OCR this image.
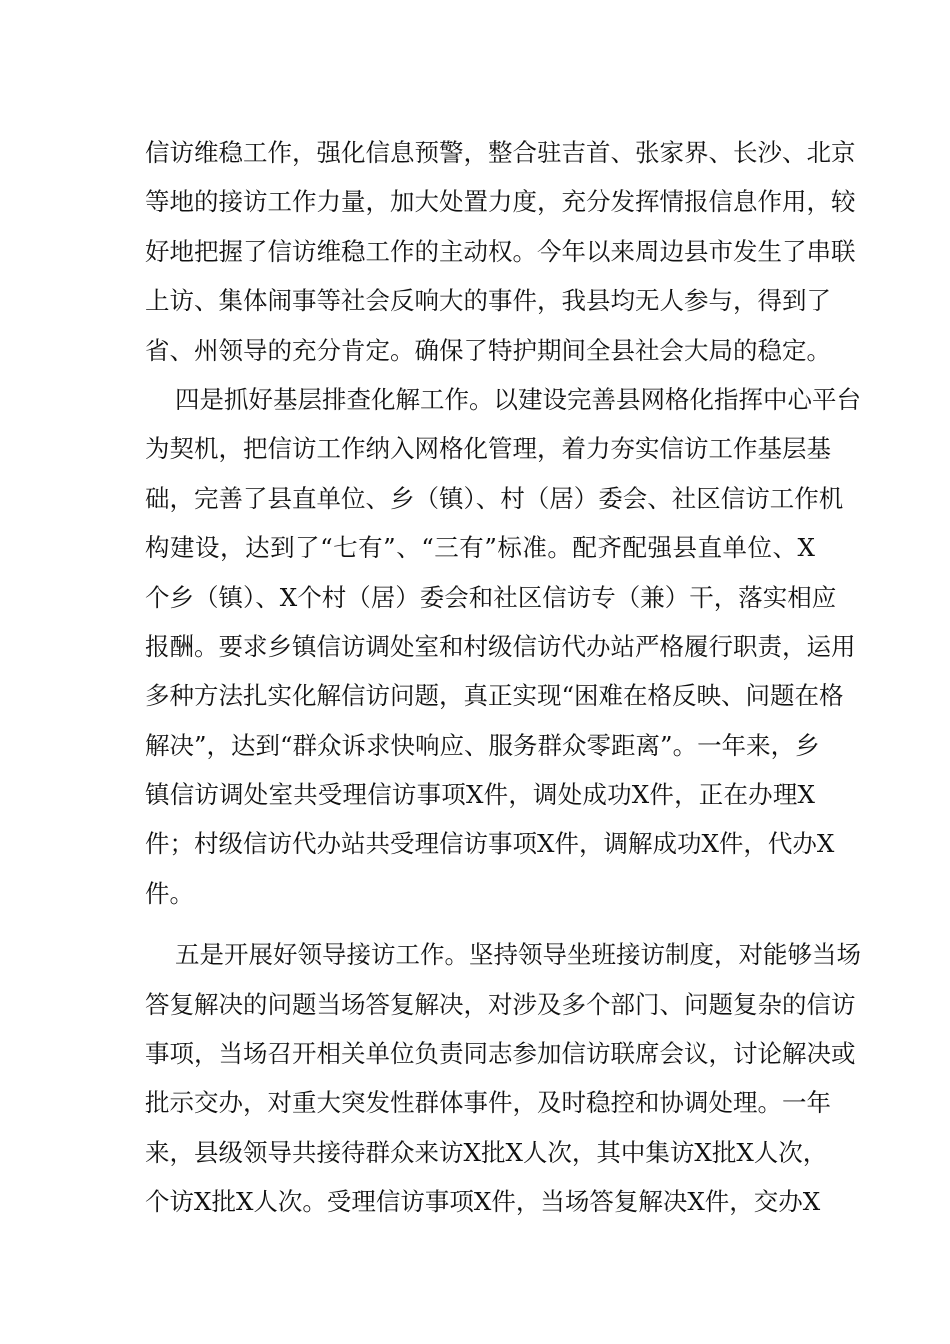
信访维稳工作，强化信息预警，整合驻吉首、张家界、长沙、北京
等地的接访工作力量，加大处置力度，充分发挥情报信息作用，较
好地把握了信访维稳工作的主动权。今年以来周边县市发生了串联
上访、集体闹事等社会反响大的事件，我县均无人参与，得到了
省、州领导的充分肯定。确保了特护期间全县社会大局的稳定。
四是抓好基层排查化解工作。以建设完善县网格化指挥中心平台
为契机，把信访工作纳入网格化管理，着力夯实信访工作基层基
础，完善了县直单位、乡（镇）、村（居）委会、社区信访工作机
构建设，达到了“七有”、“三有”标准。配齐配强县直单位、X
个乡（镇）、X个村（居）委会和社区信访专（兼）干，落实相应
报酬。要求乡镇信访调处室和村级信访代办站严格履行职责，运用
多种方法扎实化解信访问题，真正实现“困难在格反映、问题在格
解决”，达到“群众诉求快响应、服务群众零距离”。一年来，乡
镇信访调处室共受理信访事项X件，调处成功X件，正在办理X
件；村级信访代办站共受理信访事项X件，调解成功X件，代办X
件。
五是开展好领导接访工作。坚持领导坐班接访制度，对能够当场
答复解决的问题当场答复解决，对涉及多个部门、问题复杂的信访
事项，当场召开相关单位负责同志参加信访联席会议，讨论解决或
批示交办，对重大突发性群体事件，及时稳控和协调处理。一年
来，县级领导共接待群众来访X批X人次，其中集访X批X人次，
个访X批X人次。受理信访事项X件，当场答复解决X件，交办X
